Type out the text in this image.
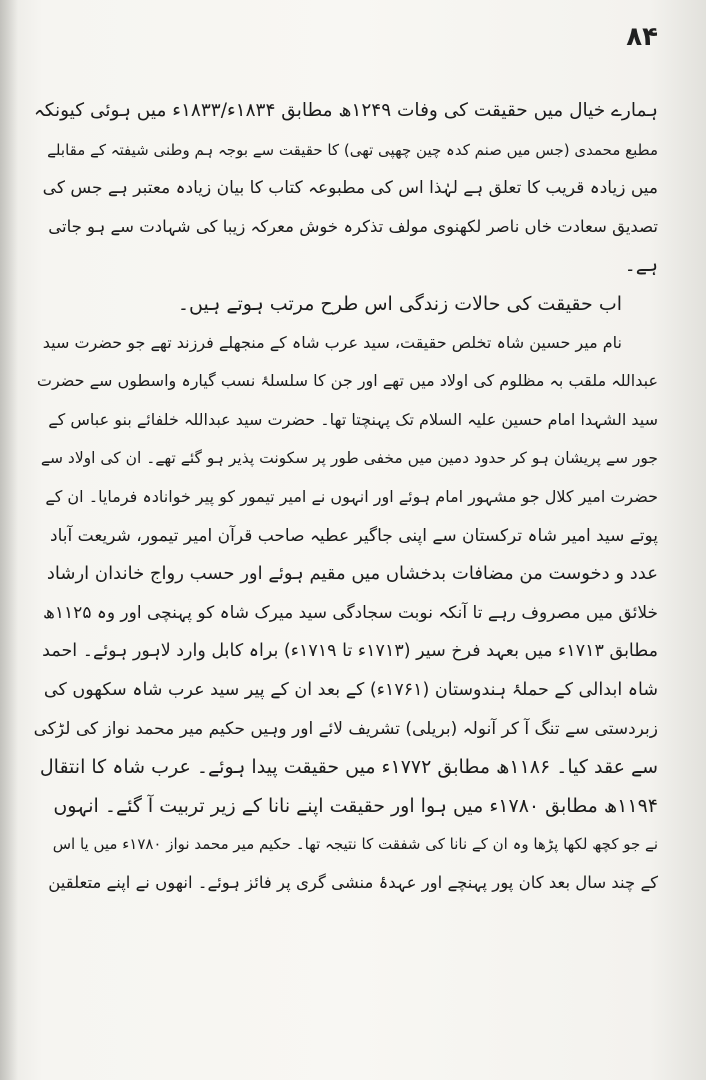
۸۴
ہمارے خیال میں حقیقت کی وفات ۱۲۴۹ھ مطابق ۱۸۳۴ء/۱۸۳۳ء میں ہوئی کیونکہ
مطبع محمدی (جس میں صنم کدہ چین چھپی تھی) کا حقیقت سے بوجہ ہم وطنی شیفتہ کے مقابلے
میں زیادہ قریب کا تعلق ہے لہٰذا اس کی مطبوعہ کتاب کا بیان زیادہ معتبر ہے جس کی
تصدیق سعادت خاں ناصر لکھنوی مولف تذکرہ خوش معرکہ زیبا کی شہادت سے ہو جاتی
ہے۔
اب حقیقت کی حالات زندگی اس طرح مرتب ہوتے ہیں۔
نام میر حسین شاہ تخلص حقیقت، سید عرب شاہ کے منجھلے فرزند تھے جو حضرت سید
عبداللہ ملقب بہ مظلوم کی اولاد میں تھے اور جن کا سلسلۂ نسب گیارہ واسطوں سے حضرت
سید الشہدا امام حسین علیہ السلام تک پہنچتا تھا۔ حضرت سید عبداللہ خلفائے بنو عباس کے
جور سے پریشان ہو کر حدود دمین میں مخفی طور پر سکونت پذیر ہو گئے تھے۔ ان کی اولاد سے
حضرت امیر کلال جو مشہور امام ہوئے اور انہوں نے امیر تیمور کو پیر خوانادہ فرمایا۔ ان کے
پوتے سید امیر شاہ ترکستان سے اپنی جاگیر عطیہ صاحب قرآن امیر تیمور، شریعت آباد
عدد و دخوست من مضافات بدخشاں میں مقیم ہوئے اور حسب رواج خاندان ارشاد
خلائق میں مصروف رہے تا آنکہ نوبت سجادگی سید میرک شاہ کو پہنچی اور وہ ۱۱۲۵ھ
مطابق ۱۷۱۳ء میں بعہد فرخ سیر (۱۷۱۳ء تا ۱۷۱۹ء) براہ کابل وارد لاہور ہوئے۔ احمد
شاہ ابدالی کے حملۂ ہندوستان (۱۷۶۱ء) کے بعد ان کے پیر سید عرب شاہ سکھوں کی
زبردستی سے تنگ آ کر آنولہ (بریلی) تشریف لائے اور وہیں حکیم میر محمد نواز کی لڑکی
سے عقد کیا۔ ۱۱۸۶ھ مطابق ۱۷۷۲ء میں حقیقت پیدا ہوئے۔ عرب شاہ کا انتقال
۱۱۹۴ھ مطابق ۱۷۸۰ء میں ہوا اور حقیقت اپنے نانا کے زیر تربیت آ گئے۔ انہوں
نے جو کچھ لکھا پڑھا وہ ان کے نانا کی شفقت کا نتیجہ تھا۔ حکیم میر محمد نواز ۱۷۸۰ء میں یا اس
کے چند سال بعد کان پور پہنچے اور عہدۂ منشی گری پر فائز ہوئے۔ انھوں نے اپنے متعلقین
